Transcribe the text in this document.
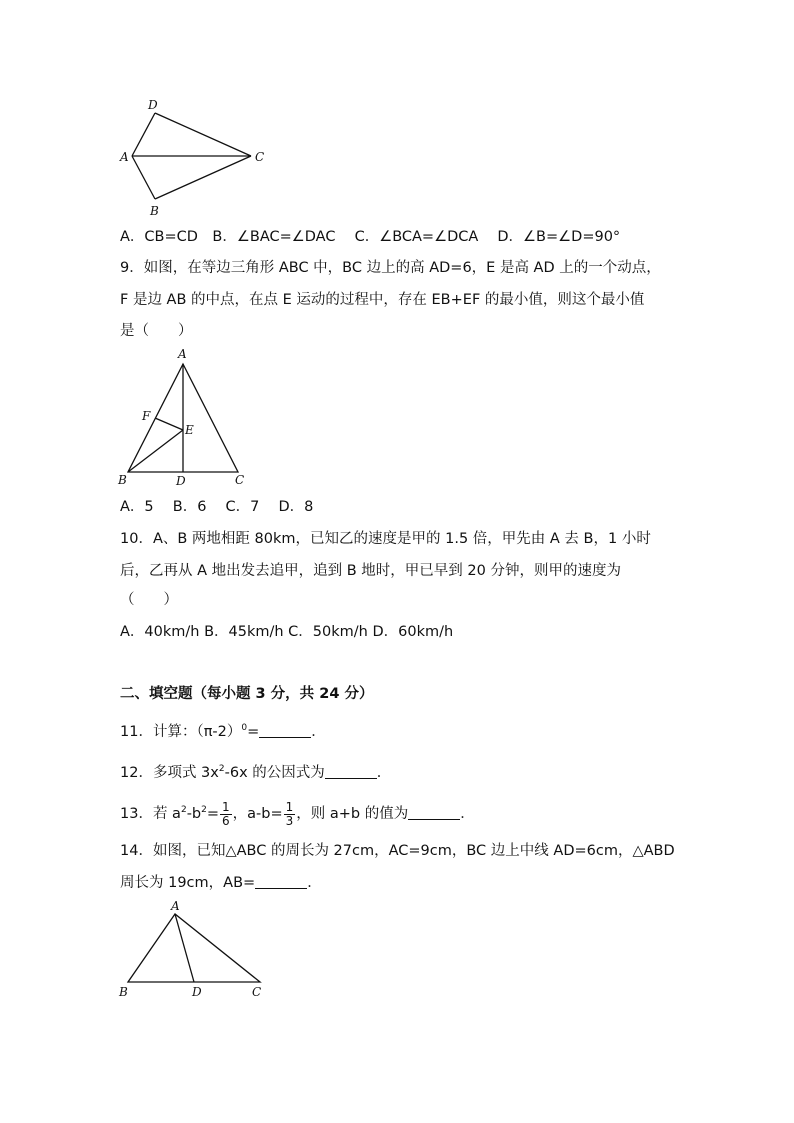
D
A	C
B
A．CB=CD　B．∠BAC=∠DAC　 C．∠BCA=∠DCA　 D．∠B=∠D=90°
9．如图，在等边三角形 ABC 中，BC 边上的高 AD=6，E 是高 AD 上的一个动点，
F 是边 AB 的中点，在点 E 运动的过程中，存在 EB+EF 的最小值，则这个最小值
是（　　）
A
F
E
B	D	C
A．5　 B．6　 C．7　 D．8
10．A、B 两地相距 80km，已知乙的速度是甲的 1.5 倍，甲先由 A 去 B，1 小时
后，乙再从 A 地出发去追甲，追到 B 地时，甲已早到 20 分钟，则甲的速度为
（　　）
A．40km/h B．45km/h C．50km/h D．60km/h
二、填空题（每小题 3 分，共 24 分）
11．计算：$(\pi-2)^0=$	．
12．多项式 $3x^2-6x$ 的公因式为	．
13．若 $a^2-b^2= \frac{1}{6}$ ，$a-b= \frac{1}{3}$ ，则 a+b 的值为	．
14．如图，已知△ABC 的周长为 27cm，AC=9cm，BC 边上中线 AD=6cm，△ABD
周长为 19cm，AB=	．
A
B	D	C
